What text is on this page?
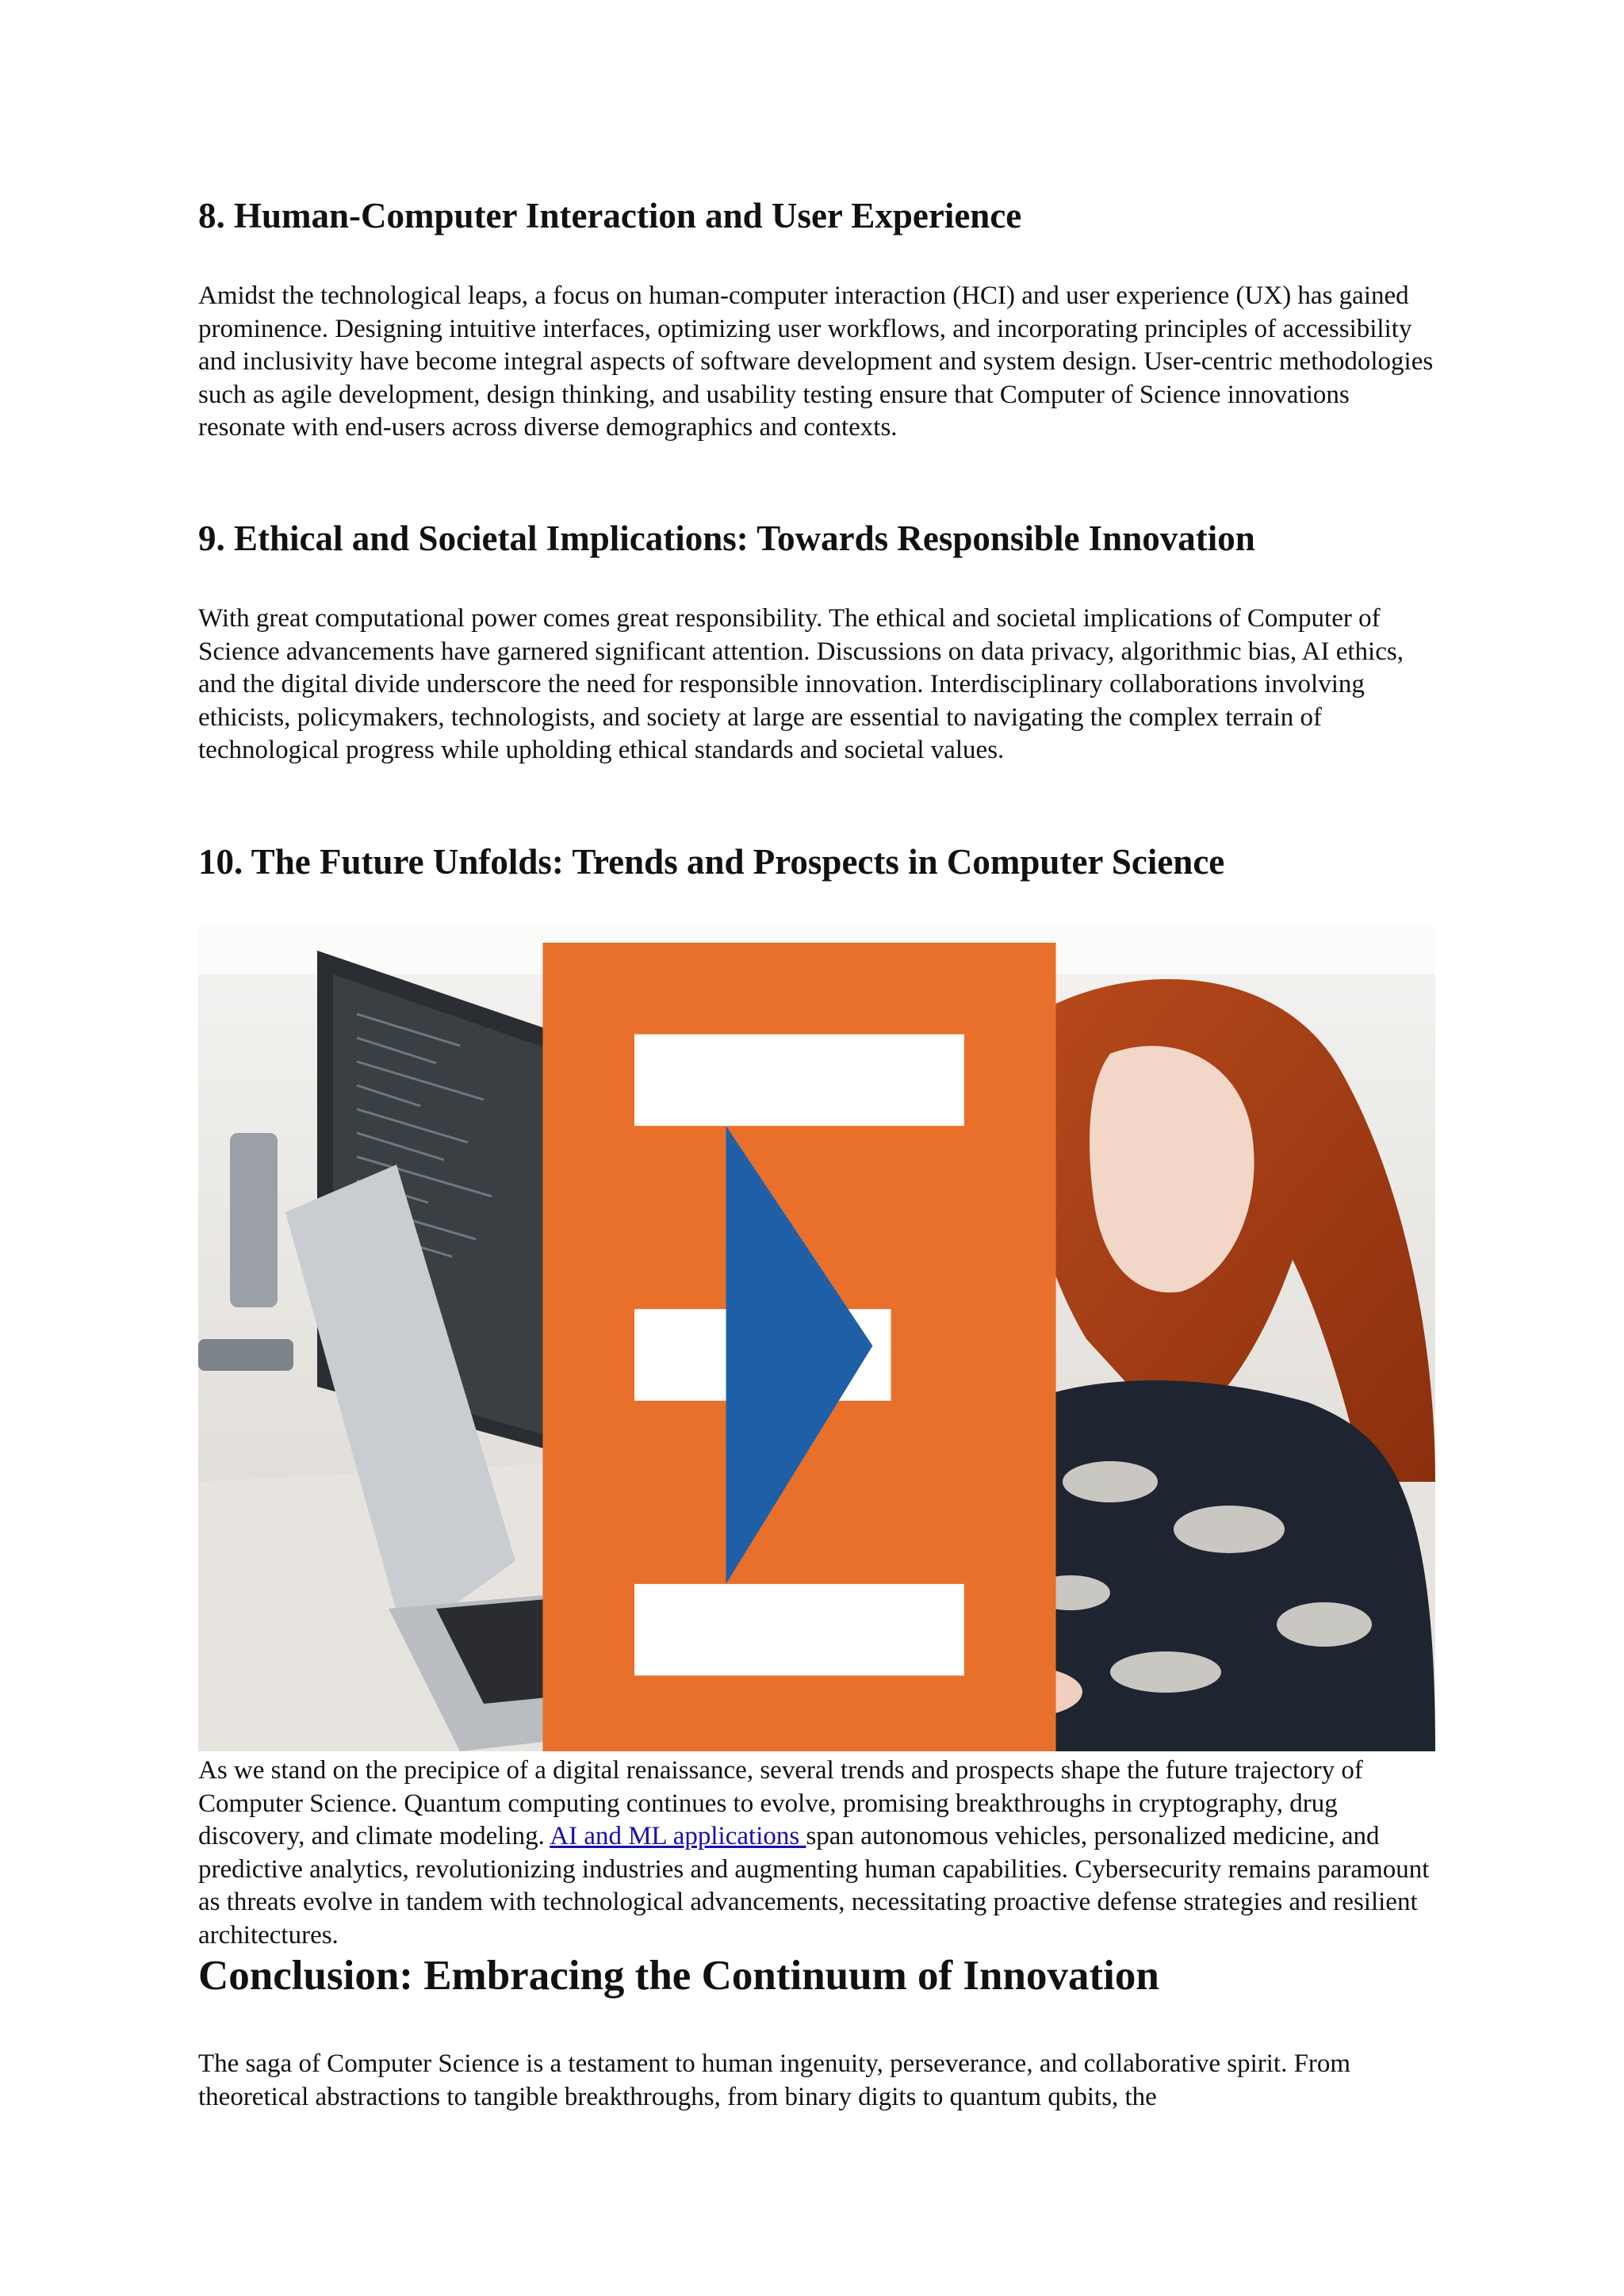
8. Human-Computer Interaction and User Experience

Amidst the technological leaps, a focus on human-computer interaction (HCI) and user experience (UX) has gained prominence. Designing intuitive interfaces, optimizing user workflows, and incorporating principles of accessibility and inclusivity have become integral aspects of software development and system design. User-centric methodologies such as agile development, design thinking, and usability testing ensure that Computer of Science innovations resonate with end-users across diverse demographics and contexts.

9. Ethical and Societal Implications: Towards Responsible Innovation

With great computational power comes great responsibility. The ethical and societal implications of Computer of Science advancements have garnered significant attention. Discussions on data privacy, algorithmic bias, AI ethics, and the digital divide underscore the need for responsible innovation. Interdisciplinary collaborations involving ethicists, policymakers, technologists, and society at large are essential to navigating the complex terrain of technological progress while upholding ethical standards and societal values.

10. The Future Unfolds: Trends and Prospects in Computer Science

As we stand on the precipice of a digital renaissance, several trends and prospects shape the future trajectory of Computer Science. Quantum computing continues to evolve, promising breakthroughs in cryptography, drug discovery, and climate modeling. AI and ML applications span autonomous vehicles, personalized medicine, and predictive analytics, revolutionizing industries and augmenting human capabilities. Cybersecurity remains paramount as threats evolve in tandem with technological advancements, necessitating proactive defense strategies and resilient architectures.

Conclusion: Embracing the Continuum of Innovation

The saga of Computer Science is a testament to human ingenuity, perseverance, and collaborative spirit. From theoretical abstractions to tangible breakthroughs, from binary digits to quantum qubits, the
